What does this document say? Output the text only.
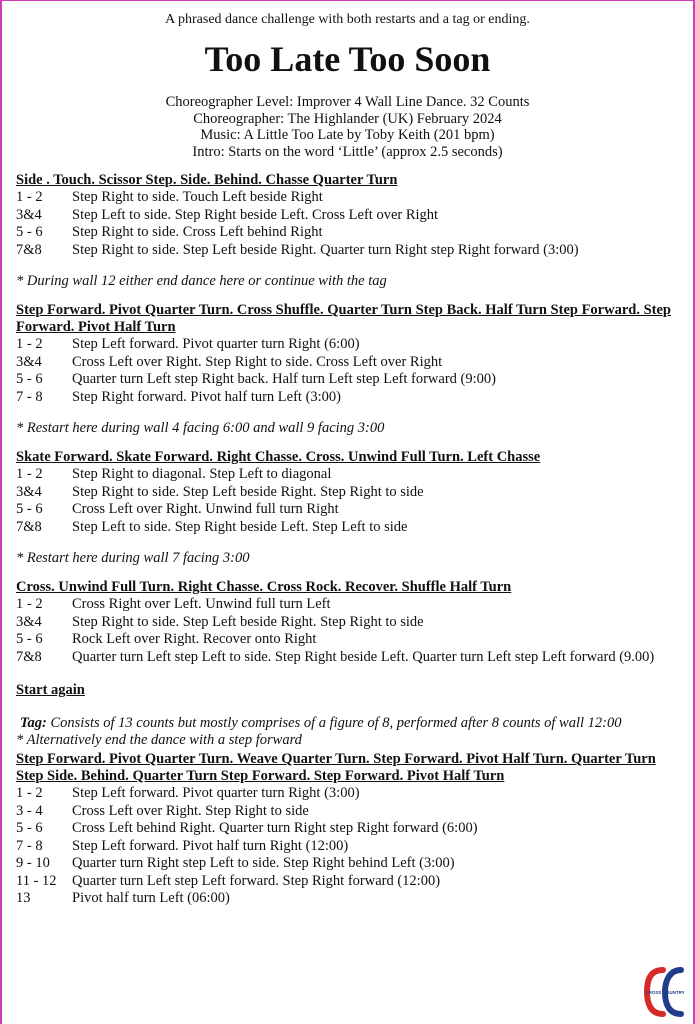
A phrased dance challenge with both restarts and a tag or ending.
Too Late Too Soon
Choreographer Level: Improver 4 Wall Line Dance. 32 Counts
Choreographer: The Highlander (UK) February 2024
Music: A Little Too Late by Toby Keith (201 bpm)
Intro: Starts on the word ‘Little’ (approx 2.5 seconds)
Side . Touch. Scissor Step. Side. Behind. Chasse Quarter Turn
1 - 2	Step Right to side. Touch Left beside Right
3&4	Step Left to side. Step Right beside Left. Cross Left over Right
5 - 6	Step Right to side. Cross Left behind Right
7&8	Step Right to side. Step Left beside Right. Quarter turn Right step Right forward (3:00)
* During wall 12 either end dance here or continue with the tag
Step Forward. Pivot Quarter Turn. Cross Shuffle. Quarter Turn Step Back. Half Turn Step Forward. Step Forward. Pivot Half Turn
1 - 2	Step Left forward. Pivot quarter turn Right (6:00)
3&4	Cross Left over Right. Step Right to side. Cross Left over Right
5 - 6	Quarter turn Left step Right back. Half turn Left step Left forward (9:00)
7 - 8	Step Right forward. Pivot half turn Left (3:00)
* Restart here during wall 4 facing 6:00 and wall 9 facing 3:00
Skate Forward. Skate Forward. Right Chasse. Cross. Unwind Full Turn. Left Chasse
1 - 2	Step Right to diagonal. Step Left to diagonal
3&4	Step Right to side. Step Left beside Right. Step Right to side
5 - 6	Cross Left over Right. Unwind full turn Right
7&8	Step Left to side. Step Right beside Left. Step Left to side
* Restart here during wall 7 facing 3:00
Cross. Unwind Full Turn. Right Chasse. Cross Rock. Recover. Shuffle Half Turn
1 - 2	Cross Right over Left. Unwind full turn Left
3&4	Step Right to side. Step Left beside Right. Step Right to side
5 - 6	Rock Left over Right. Recover onto Right
7&8	Quarter turn Left step Left to side. Step Right beside Left. Quarter turn Left step Left forward (9.00)
Start again
Tag: Consists of 13 counts but mostly comprises of a figure of 8, performed after 8 counts of wall 12:00
* Alternatively end the dance with a step forward
Step Forward. Pivot Quarter Turn. Weave Quarter Turn. Step Forward. Pivot Half Turn. Quarter Turn Step Side. Behind. Quarter Turn Step Forward. Step Forward. Pivot Half Turn
1 - 2	Step Left forward. Pivot quarter turn Right (3:00)
3 - 4	Cross Left over Right. Step Right to side
5 - 6	Cross Left behind Right. Quarter turn Right step Right forward (6:00)
7 - 8	Step Left forward. Pivot half turn Right (12:00)
9 - 10	Quarter turn Right step Left to side. Step Right behind Left (3:00)
11 - 12	Quarter turn Left step Left forward. Step Right forward (12:00)
13	Pivot half turn Left (06:00)
CROSS COUNTRY
